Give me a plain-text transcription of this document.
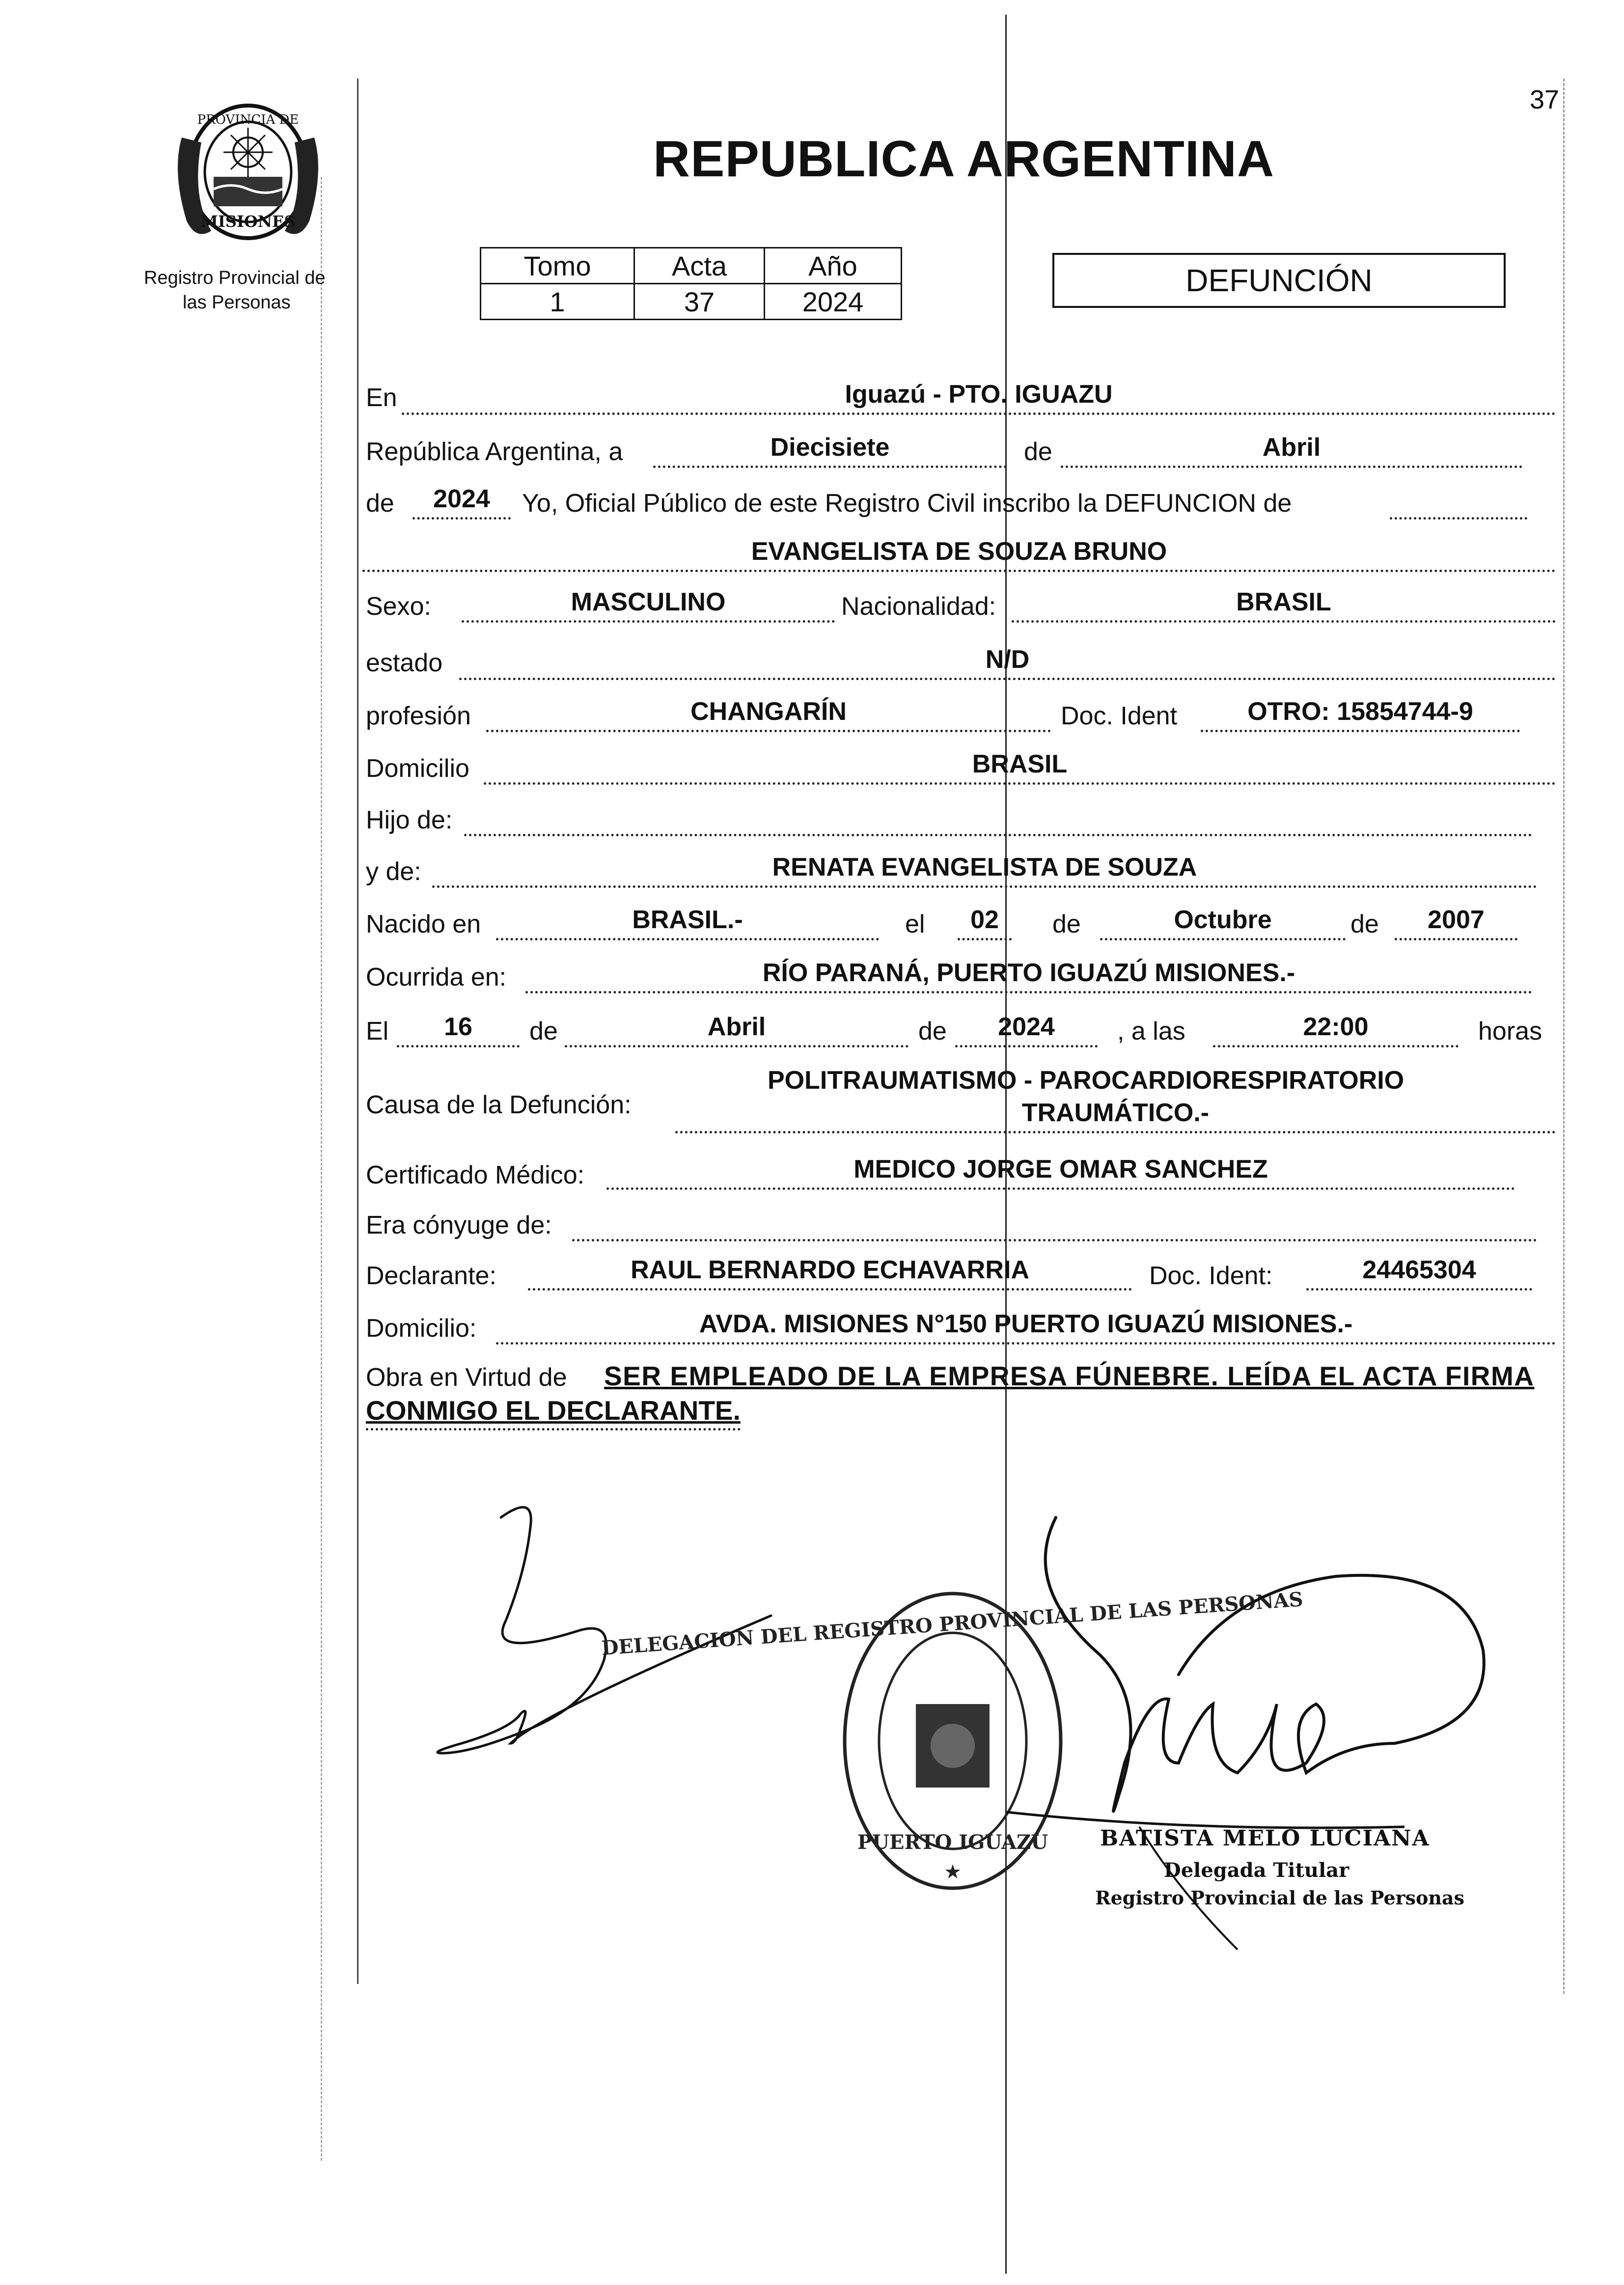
37
PROVINCIA DE
MISIONES
Registro Provincial de
las Personas
REPUBLICA ARGENTINA
Tomo	Acta	Año
1	37	2024
DEFUNCIÓN
En	Iguazú - PTO. IGUAZU
República Argentina, a	Diecisiete	de	Abril
de	2024	Yo, Oficial Público de este Registro Civil inscribo la DEFUNCION de
EVANGELISTA DE SOUZA BRUNO
Sexo:	MASCULINO	Nacionalidad:	BRASIL
estado	N/D
profesión	CHANGARÍN	Doc. Ident	OTRO: 15854744-9
Domicilio	BRASIL
Hijo de:
y de:	RENATA EVANGELISTA DE SOUZA
Nacido en	BRASIL.-	el	02	de	Octubre	de	2007
Ocurrida en:	RÍO PARANÁ, PUERTO IGUAZÚ MISIONES.-
El	16	de	Abril	de	2024	, a las	22:00	horas
Causa de la Defunción:
POLITRAUMATISMO - PAROCARDIORESPIRATORIO
TRAUMÁTICO.-
Certificado Médico:	MEDICO JORGE OMAR SANCHEZ
Era cónyuge de:
Declarante:	RAUL BERNARDO ECHAVARRIA	Doc. Ident:	24465304
Domicilio:	AVDA. MISIONES N°150 PUERTO IGUAZÚ MISIONES.-
Obra en Virtud de SER EMPLEADO DE LA EMPRESA FÚNEBRE. LEÍDA EL ACTA FIRMA
CONMIGO EL DECLARANTE.
DELEGACION DEL REGISTRO PROVINCIAL DE LAS PERSONAS
PUERTO IGUAZU
★
BATISTA MELO LUCIANA
Delegada Titular
Registro Provincial de las Personas
